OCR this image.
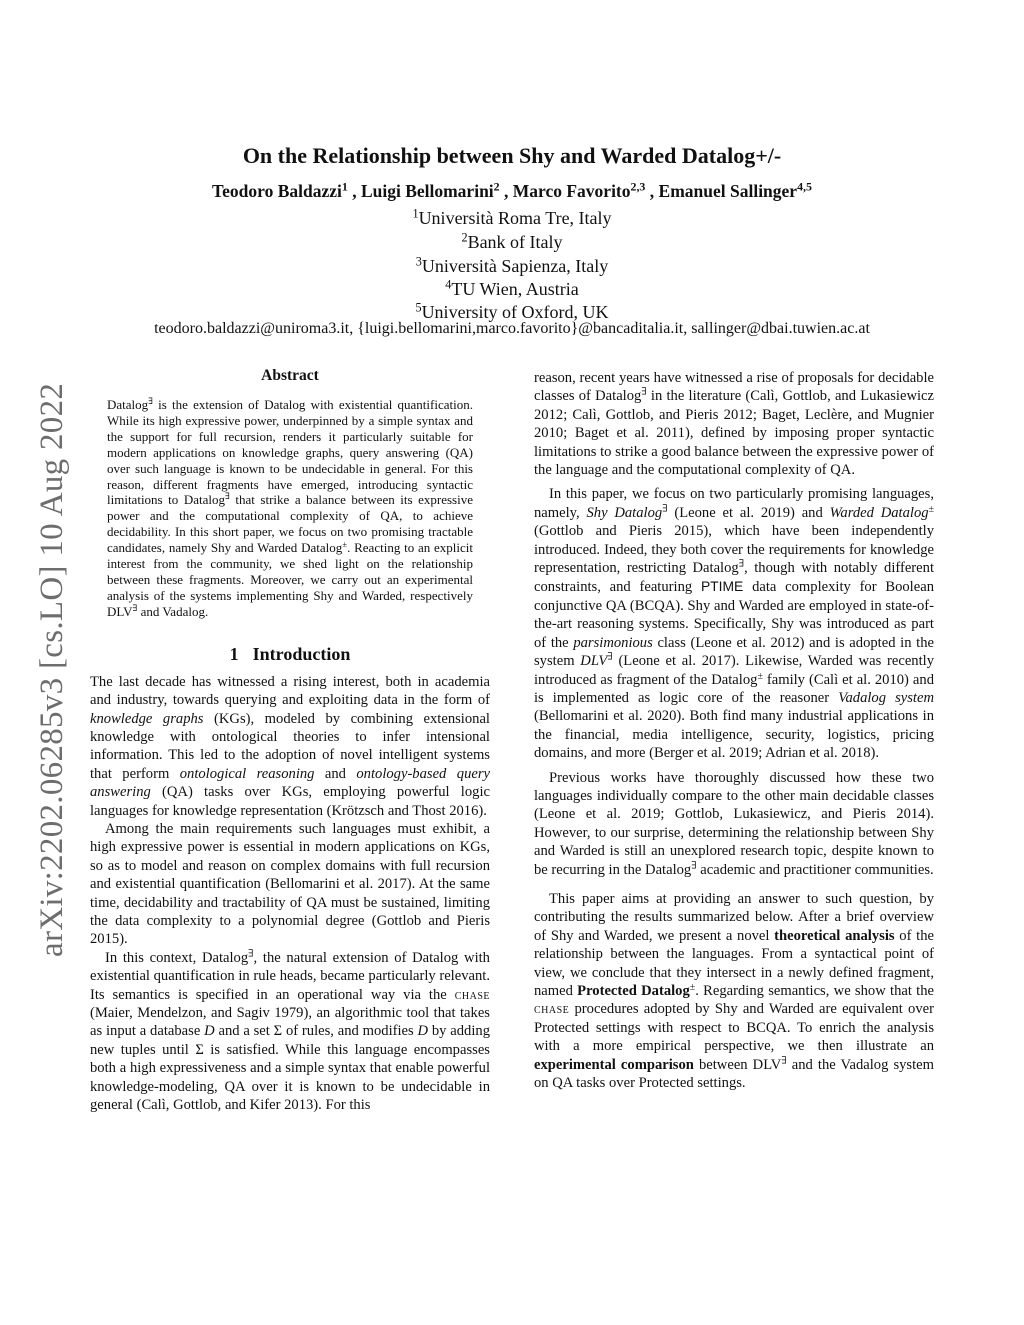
On the Relationship between Shy and Warded Datalog+/-
Teodoro Baldazzi$^1$ , Luigi Bellomarini$^2$ , Marco Favorito$^{2,3}$ , Emanuel Sallinger$^{4,5}$
$^1$Università Roma Tre, Italy
$^2$Bank of Italy
$^3$Università Sapienza, Italy
$^4$TU Wien, Austria
$^5$University of Oxford, UK
teodoro.baldazzi@uniroma3.it, {luigi.bellomarini,marco.favorito}@bancaditalia.it, sallinger@dbai.tuwien.ac.at
arXiv:2202.06285v3 [cs.LO] 10 Aug 2022
Abstract
Datalog∃ is the extension of Datalog with existential quantification. While its high expressive power, underpinned by a simple syntax and the support for full recursion, renders it particularly suitable for modern applications on knowledge graphs, query answering (QA) over such language is known to be undecidable in general. For this reason, different fragments have emerged, introducing syntactic limitations to Datalog∃ that strike a balance between its expressive power and the computational complexity of QA, to achieve decidability. In this short paper, we focus on two promising tractable candidates, namely Shy and Warded Datalog±. Reacting to an explicit interest from the community, we shed light on the relationship between these fragments. Moreover, we carry out an experimental analysis of the systems implementing Shy and Warded, respectively DLV∃ and Vadalog.
1 Introduction

The last decade has witnessed a rising interest, both in academia and industry, towards querying and exploiting data in the form of knowledge graphs (KGs), modeled by combining extensional knowledge with ontological theories to infer intensional information. This led to the adoption of novel intelligent systems that perform ontological reasoning and ontology-based query answering (QA) tasks over KGs, employing powerful logic languages for knowledge representation (Krötzsch and Thost 2016).

Among the main requirements such languages must exhibit, a high expressive power is essential in modern applications on KGs, so as to model and reason on complex domains with full recursion and existential quantification (Bellomarini et al. 2017). At the same time, decidability and tractability of QA must be sustained, limiting the data complexity to a polynomial degree (Gottlob and Pieris 2015).

In this context, Datalog∃, the natural extension of Datalog with existential quantification in rule heads, became particularly relevant. Its semantics is specified in an operational way via the chase (Maier, Mendelzon, and Sagiv 1979), an algorithmic tool that takes as input a database D and a set Σ of rules, and modifies D by adding new tuples until Σ is satisfied. While this language encompasses both a high expressiveness and a simple syntax that enable powerful knowledge-modeling, QA over it is known to be undecidable in general (Calì, Gottlob, and Kifer 2013). For this

reason, recent years have witnessed a rise of proposals for decidable classes of Datalog∃ in the literature (Calì, Gottlob, and Lukasiewicz 2012; Calì, Gottlob, and Pieris 2012; Baget, Leclère, and Mugnier 2010; Baget et al. 2011), defined by imposing proper syntactic limitations to strike a good balance between the expressive power of the language and the computational complexity of QA.

In this paper, we focus on two particularly promising languages, namely, Shy Datalog∃ (Leone et al. 2019) and Warded Datalog± (Gottlob and Pieris 2015), which have been independently introduced. Indeed, they both cover the requirements for knowledge representation, restricting Datalog∃, though with notably different constraints, and featuring PTIME data complexity for Boolean conjunctive QA (BCQA). Shy and Warded are employed in state-of-the-art reasoning systems. Specifically, Shy was introduced as part of the parsimonious class (Leone et al. 2012) and is adopted in the system DLV∃ (Leone et al. 2017). Likewise, Warded was recently introduced as fragment of the Datalog± family (Calì et al. 2010) and is implemented as logic core of the reasoner Vadalog system (Bellomarini et al. 2020). Both find many industrial applications in the financial, media intelligence, security, logistics, pricing domains, and more (Berger et al. 2019; Adrian et al. 2018).

Previous works have thoroughly discussed how these two languages individually compare to the other main decidable classes (Leone et al. 2019; Gottlob, Lukasiewicz, and Pieris 2014). However, to our surprise, determining the relationship between Shy and Warded is still an unexplored research topic, despite known to be recurring in the Datalog∃ academic and practitioner communities.

This paper aims at providing an answer to such question, by contributing the results summarized below. After a brief overview of Shy and Warded, we present a novel theoretical analysis of the relationship between the languages. From a syntactical point of view, we conclude that they intersect in a newly defined fragment, named Protected Datalog±. Regarding semantics, we show that the chase procedures adopted by Shy and Warded are equivalent over Protected settings with respect to BCQA. To enrich the analysis with a more empirical perspective, we then illustrate an experimental comparison between DLV∃ and the Vadalog system on QA tasks over Protected settings.
